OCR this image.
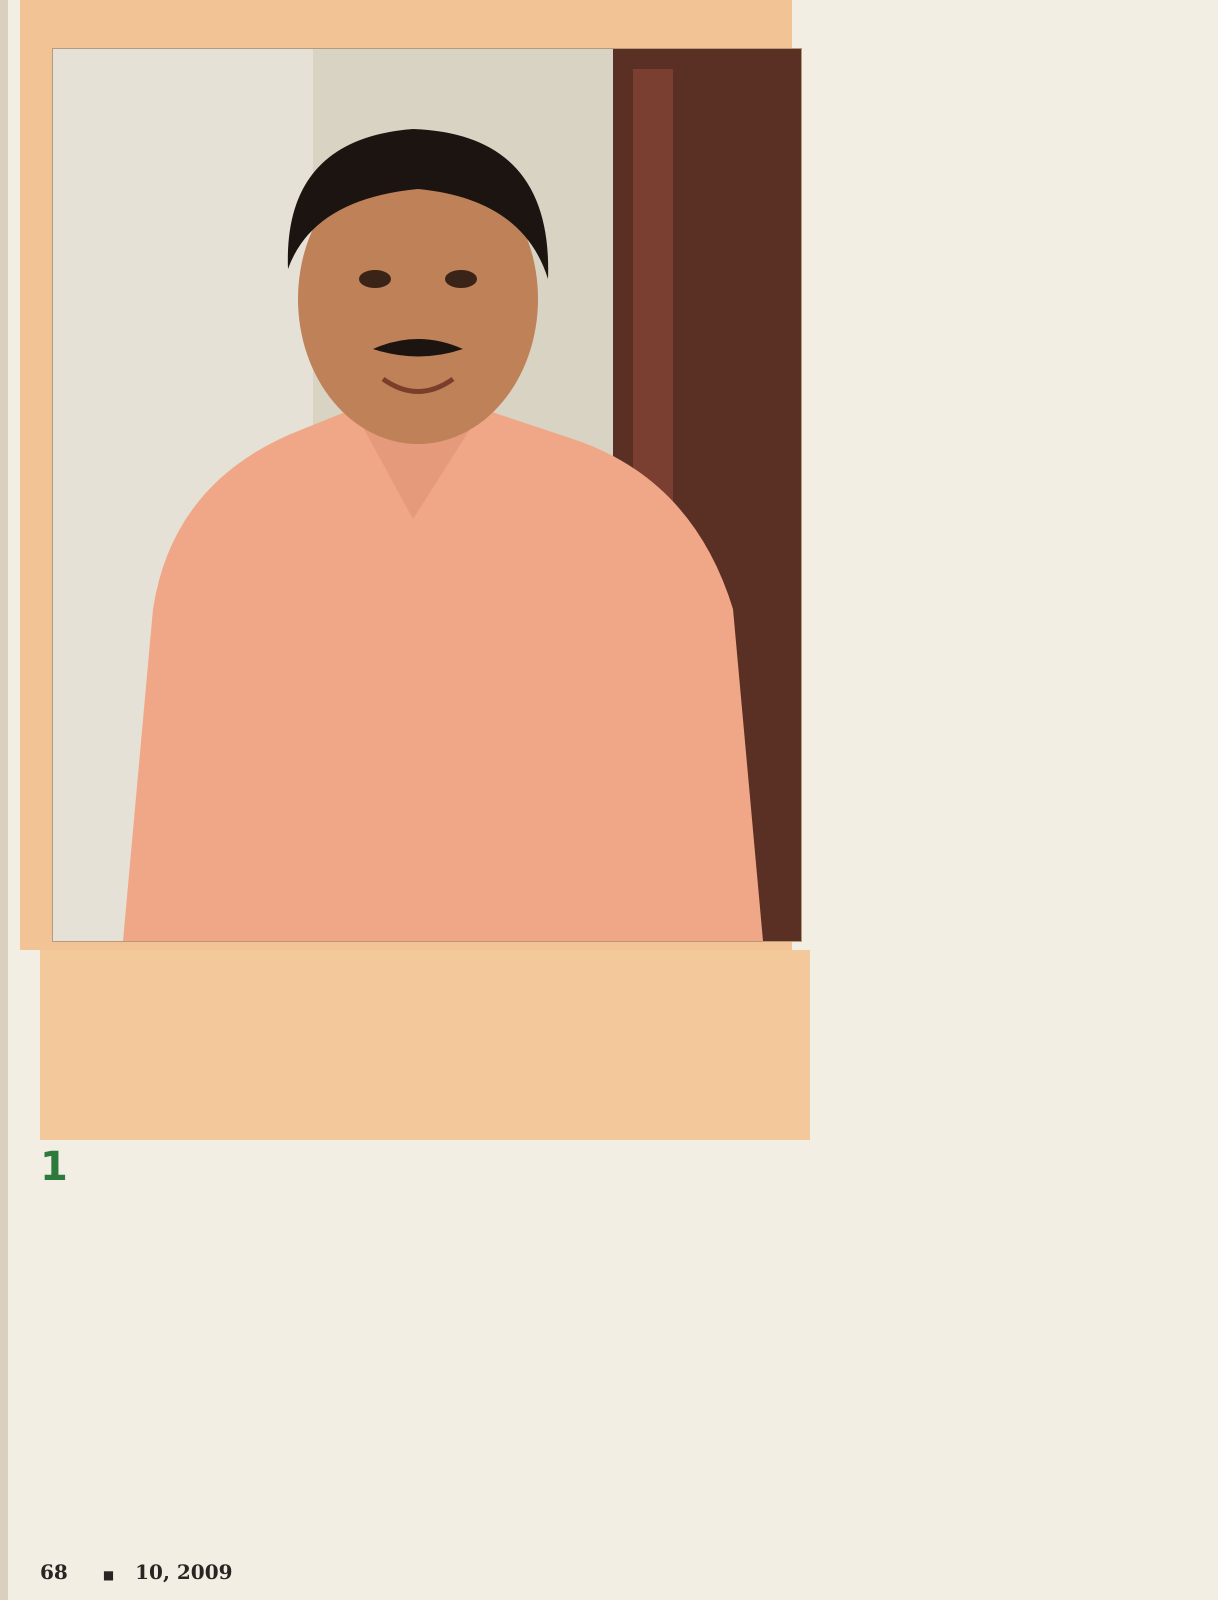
1

68	■ 10, 2009
